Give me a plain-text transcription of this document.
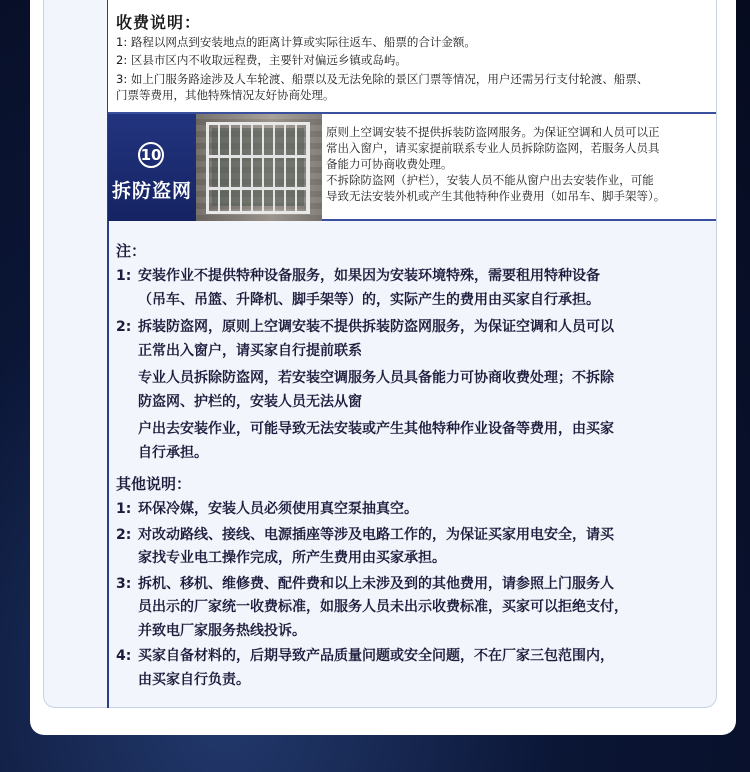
收费说明：
1: 路程以网点到安装地点的距离计算或实际往返车、船票的合计金额。
2: 区县市区内不收取远程费，主要针对偏远乡镇或岛屿。
3: 如上门服务路途涉及人车轮渡、船票以及无法免除的景区门票等情况，用户还需另行支付轮渡、船票、
门票等费用，其他特殊情况友好协商处理。
10
拆防盗网
原则上空调安装不提供拆装防盗网服务。为保证空调和人员可以正
常出入窗户，请买家提前联系专业人员拆除防盗网，若服务人员具
备能力可协商收费处理。
不拆除防盗网（护栏），安装人员不能从窗户出去安装作业，可能
导致无法安装外机或产生其他特种作业费用（如吊车、脚手架等）。
注：
1: 安装作业不提供特种设备服务，如果因为安装环境特殊，需要租用特种设备
（吊车、吊篮、升降机、脚手架等）的，实际产生的费用由买家自行承担。
2: 拆装防盗网，原则上空调安装不提供拆装防盗网服务，为保证空调和人员可以
正常出入窗户，请买家自行提前联系
专业人员拆除防盗网，若安装空调服务人员具备能力可协商收费处理；不拆除
防盗网、护栏的，安装人员无法从窗
户出去安装作业，可能导致无法安装或产生其他特种作业设备等费用，由买家
自行承担。
其他说明：
1: 环保冷媒，安装人员必须使用真空泵抽真空。
2: 对改动路线、接线、电源插座等涉及电路工作的，为保证买家用电安全，请买
家找专业电工操作完成，所产生费用由买家承担。
3: 拆机、移机、维修费、配件费和以上未涉及到的其他费用，请参照上门服务人
员出示的厂家统一收费标准，如服务人员未出示收费标准，买家可以拒绝支付，
并致电厂家服务热线投诉。
4: 买家自备材料的，后期导致产品质量问题或安全问题，不在厂家三包范围内，
由买家自行负责。
